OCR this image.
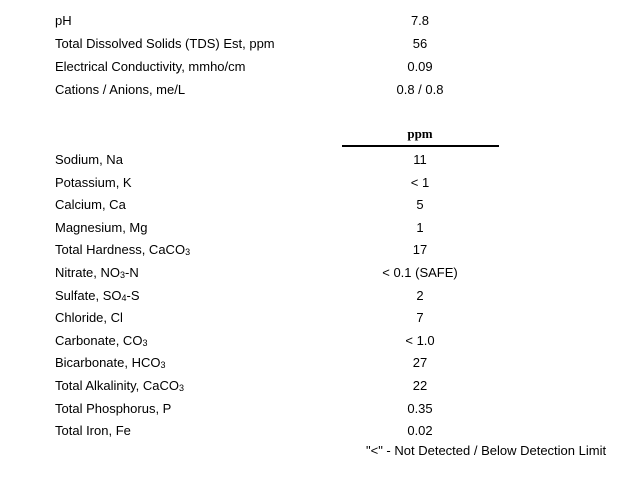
pH	7.8
Total Dissolved Solids (TDS) Est, ppm	56
Electrical Conductivity, mmho/cm	0.09
Cations / Anions, me/L	0.8 / 0.8
ppm
Sodium, Na	11
Potassium, K	< 1
Calcium, Ca	5
Magnesium, Mg	1
Total Hardness, CaCO$_3$	17
Nitrate, $NO_3-N$	< 0.1 (SAFE)
Sulfate, $SO_4-S$	2
Chloride, Cl	7
Carbonate, $CO_3$	< 1.0
Bicarbonate, $HCO_3$	27
Total Alkalinity, CaCO$_3$	22
Total Phosphorus, P	0.35
Total Iron, Fe	0.02
"<" - Not Detected / Below Detection Limit
